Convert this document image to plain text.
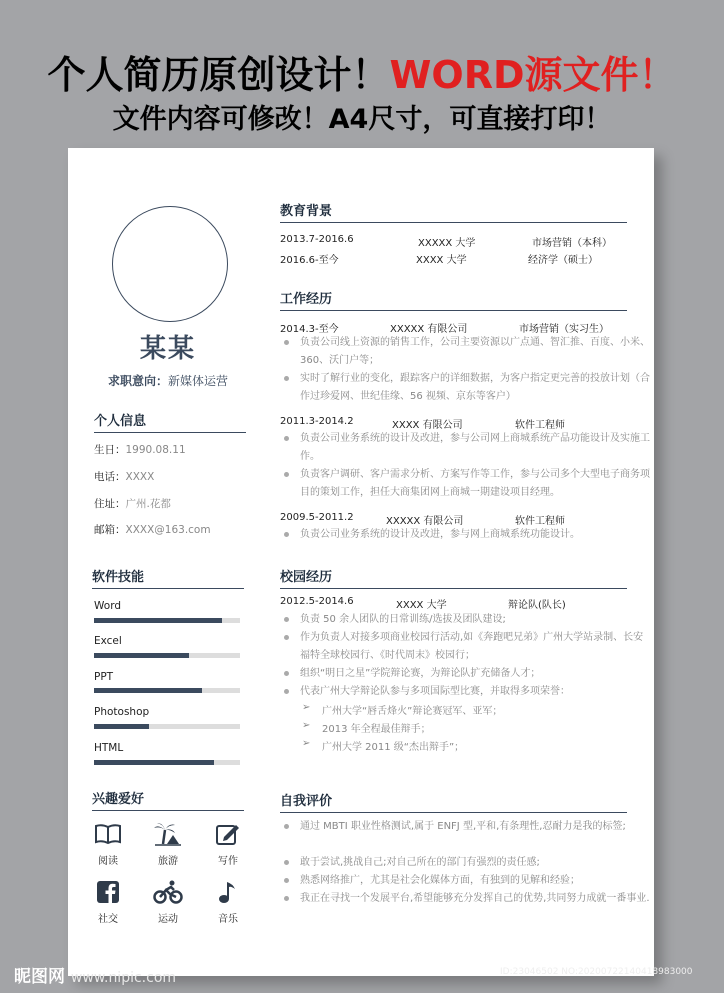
个人简历原创设计！WORD源文件！
文件内容可修改！A4尺寸，可直接打印！
某某
求职意向：新媒体运营
个人信息
生日：1990.08.11
电话：XXXX
住址：广州.花都
邮箱：XXXX@163.com
软件技能
Word
Excel
PPT
Photoshop
HTML
兴趣爱好
阅读	旅游	写作
社交	运动	音乐
教育背景
2013.7-2016.6	XXXXX 大学	市场营销（本科）
2016.6-至今	XXXX 大学	经济学（硕士）
工作经历
2014.3-至今	XXXXX 有限公司	市场营销（实习生）
负责公司线上资源的销售工作，公司主要资源以广点通、智汇推、百度、小米、360、沃门户等；
实时了解行业的变化，跟踪客户的详细数据，为客户指定更完善的投放计划（合作过珍爱网、世纪佳缘、56 视频、京东等客户）
2011.3-2014.2	XXXX 有限公司	软件工程师
负责公司业务系统的设计及改进，参与公司网上商城系统产品功能设计及实施工作。
负责客户调研、客户需求分析、方案写作等工作，参与公司多个大型电子商务项目的策划工作，担任大商集团网上商城一期建设项目经理。
2009.5-2011.2	XXXXX 有限公司	软件工程师
负责公司业务系统的设计及改进，参与网上商城系统功能设计。
校园经历
2012.5-2014.6	XXXX 大学	辩论队(队长)
负责 50 余人团队的日常训练/选拔及团队建设;
作为负责人对接多项商业校园行活动,如《奔跑吧兄弟》广州大学站录制、长安福特全球校园行、《时代周末》校园行；
组织“明日之星”学院辩论赛，为辩论队扩充储备人才；
代表广州大学辩论队参与多项国际型比赛，并取得多项荣誉：
➢ 广州大学“唇舌烽火”辩论赛冠军、亚军；
➢ 2013 年全程最佳辩手；
➢ 广州大学 2011 级“杰出辩手”；
自我评价
通过 MBTI 职业性格测试,属于 ENFJ 型,平和,有条理性,忍耐力是我的标签;
敢于尝试,挑战自己;对自己所在的部门有强烈的责任感;
熟悉网络推广，尤其是社会化媒体方面，有独到的见解和经验；
我正在寻找一个发展平台,希望能够充分发挥自己的优势,共同努力成就一番事业.
昵图网 www.nipic.com	ID:23046502 NO:20200722140418983000
